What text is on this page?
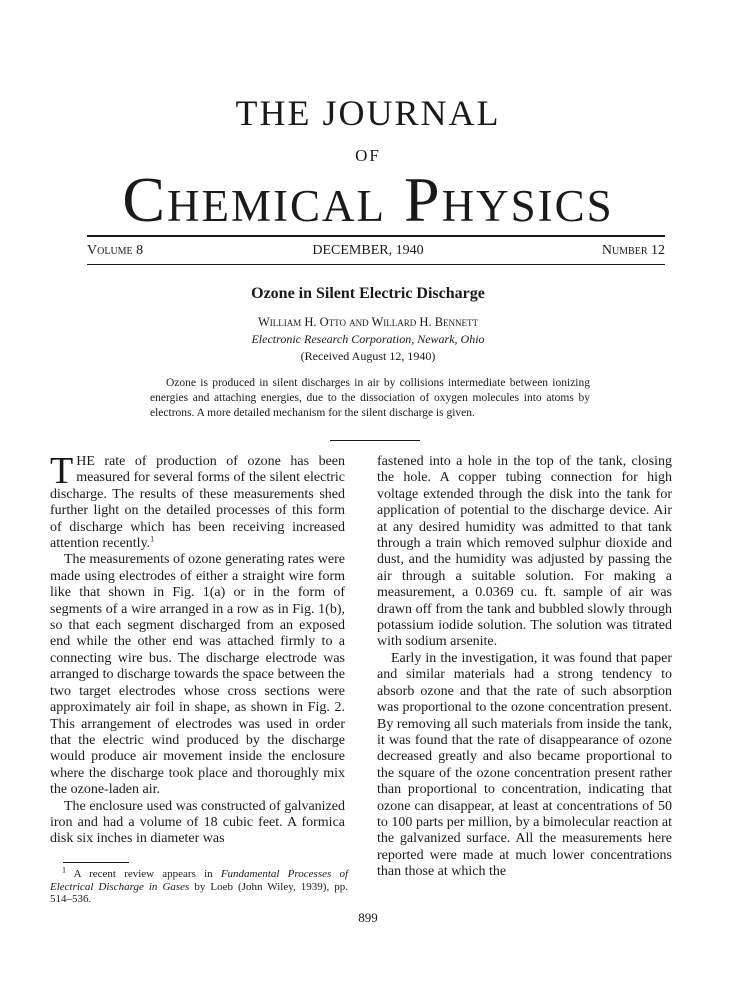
THE JOURNAL
OF
Chemical Physics
Volume 8	DECEMBER, 1940	Number 12
Ozone in Silent Electric Discharge
William H. Otto and Willard H. Bennett
Electronic Research Corporation, Newark, Ohio
(Received August 12, 1940)

Ozone is produced in silent discharges in air by collisions intermediate between ionizing energies and attaching energies, due to the dissociation of oxygen molecules into atoms by electrons. A more detailed mechanism for the silent discharge is given.

THE rate of production of ozone has been measured for several forms of the silent electric discharge. The results of these measurements shed further light on the detailed processes of this form of discharge which has been receiving increased attention recently.$^1$

The measurements of ozone generating rates were made using electrodes of either a straight wire form like that shown in Fig. 1(a) or in the form of segments of a wire arranged in a row as in Fig. 1(b), so that each segment discharged from an exposed end while the other end was attached firmly to a connecting wire bus. The discharge electrode was arranged to discharge towards the space between the two target electrodes whose cross sections were approximately air foil in shape, as shown in Fig. 2. This arrangement of electrodes was used in order that the electric wind produced by the discharge would produce air movement inside the enclosure where the discharge took place and thoroughly mix the ozone-laden air.

The enclosure used was constructed of galvanized iron and had a volume of 18 cubic feet. A formica disk six inches in diameter was

fastened into a hole in the top of the tank, closing the hole. A copper tubing connection for high voltage extended through the disk into the tank for application of potential to the discharge device. Air at any desired humidity was admitted to that tank through a train which removed sulphur dioxide and dust, and the humidity was adjusted by passing the air through a suitable solution. For making a measurement, a 0.0369 cu. ft. sample of air was drawn off from the tank and bubbled slowly through potassium iodide solution. The solution was titrated with sodium arsenite.

Early in the investigation, it was found that paper and similar materials had a strong tendency to absorb ozone and that the rate of such absorption was proportional to the ozone concentration present. By removing all such materials from inside the tank, it was found that the rate of disappearance of ozone decreased greatly and also became proportional to the square of the ozone concentration present rather than proportional to concentration, indicating that ozone can disappear, at least at concentrations of 50 to 100 parts per million, by a bimolecular reaction at the galvanized surface. All the measurements here reported were made at much lower concentrations than those at which the

$^1$ A recent review appears in Fundamental Processes of Electrical Discharge in Gases by Loeb (John Wiley, 1939), pp. 514–536.

899
